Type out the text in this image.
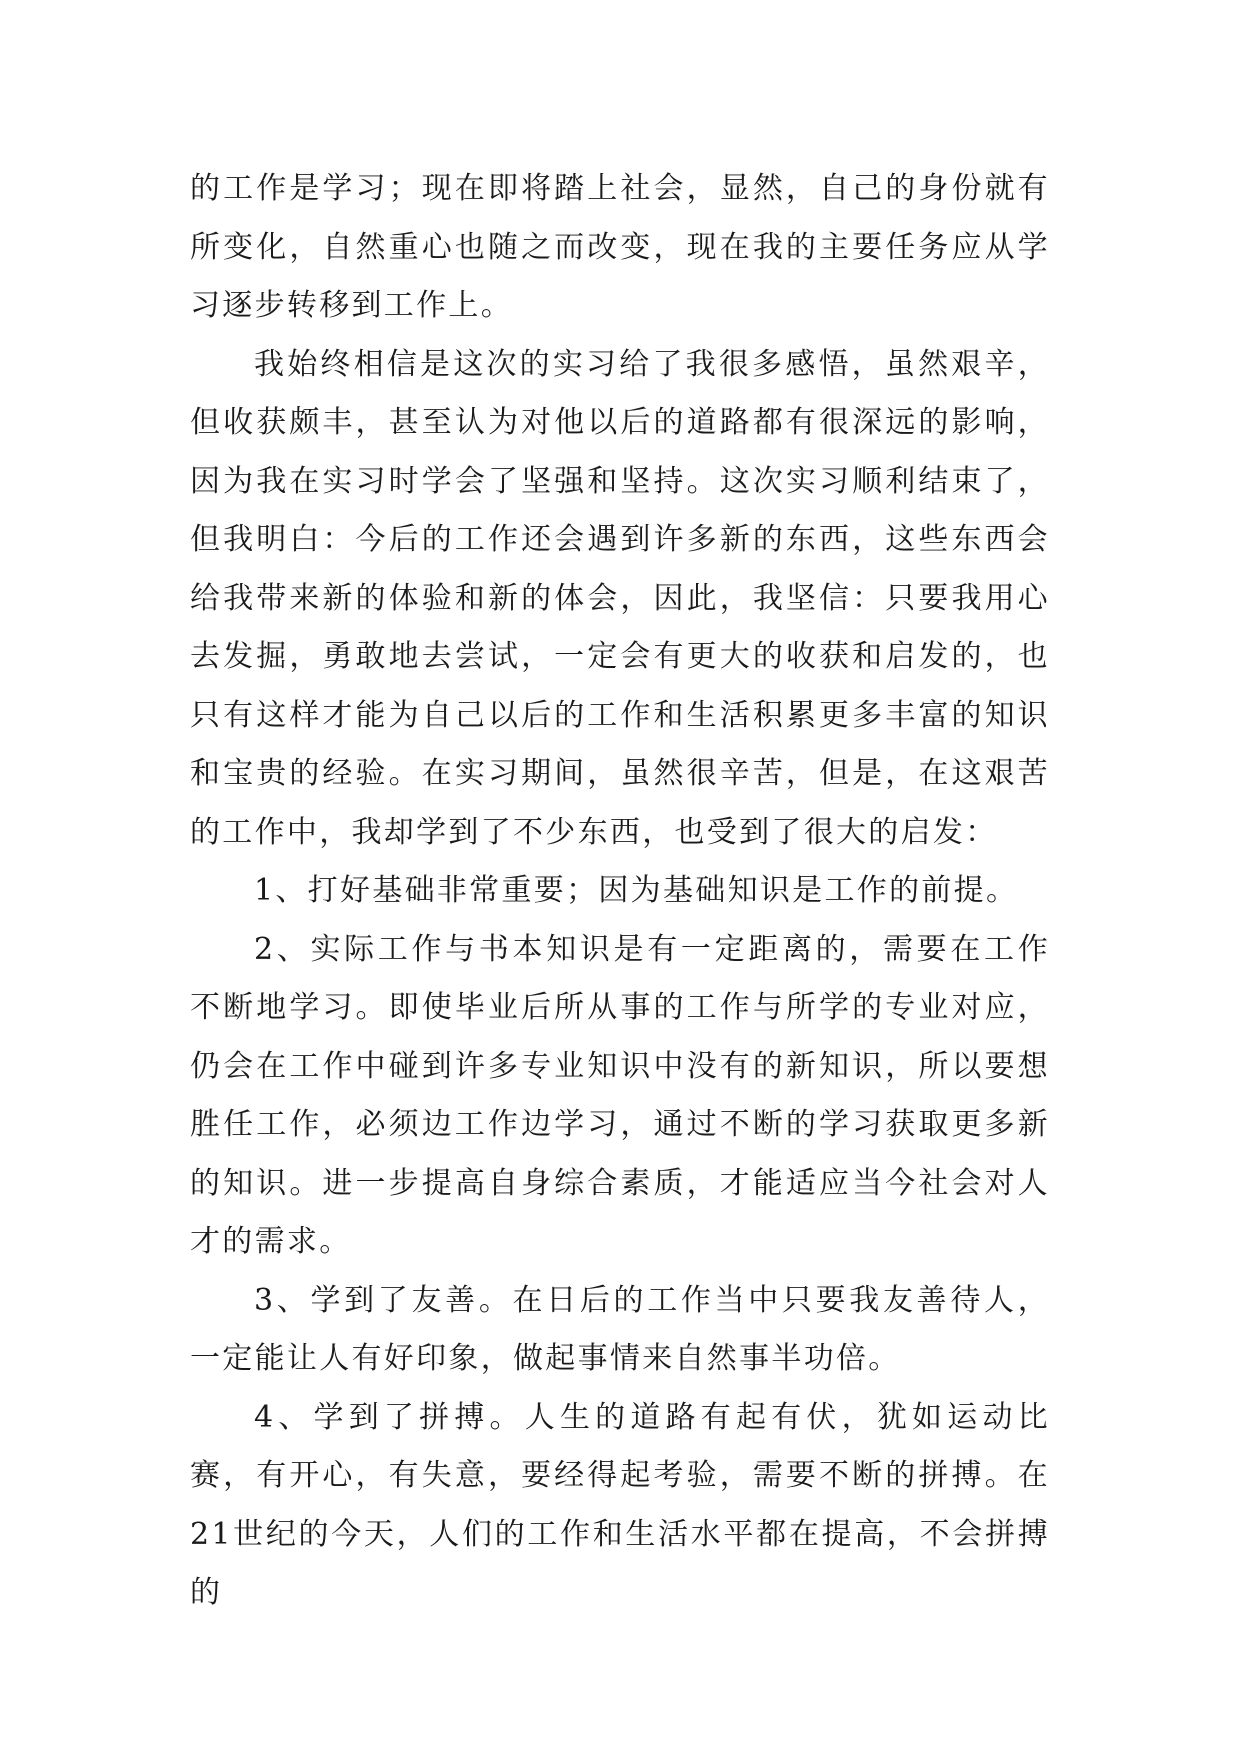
的工作是学习；现在即将踏上社会，显然，自己的身份就有所变化，自然重心也随之而改变，现在我的主要任务应从学习逐步转移到工作上。

我始终相信是这次的实习给了我很多感悟，虽然艰辛，但收获颇丰，甚至认为对他以后的道路都有很深远的影响，因为我在实习时学会了坚强和坚持。这次实习顺利结束了，但我明白：今后的工作还会遇到许多新的东西，这些东西会给我带来新的体验和新的体会，因此，我坚信：只要我用心去发掘，勇敢地去尝试，一定会有更大的收获和启发的，也只有这样才能为自己以后的工作和生活积累更多丰富的知识和宝贵的经验。在实习期间，虽然很辛苦，但是，在这艰苦的工作中，我却学到了不少东西，也受到了很大的启发：

1、打好基础非常重要；因为基础知识是工作的前提。

2、实际工作与书本知识是有一定距离的，需要在工作不断地学习。即使毕业后所从事的工作与所学的专业对应，仍会在工作中碰到许多专业知识中没有的新知识，所以要想胜任工作，必须边工作边学习，通过不断的学习获取更多新的知识。进一步提高自身综合素质，才能适应当今社会对人才的需求。

3、学到了友善。在日后的工作当中只要我友善待人，一定能让人有好印象，做起事情来自然事半功倍。

4、学到了拼搏。人生的道路有起有伏，犹如运动比赛，有开心，有失意，要经得起考验，需要不断的拼搏。在21世纪的今天，人们的工作和生活水平都在提高，不会拼搏的
